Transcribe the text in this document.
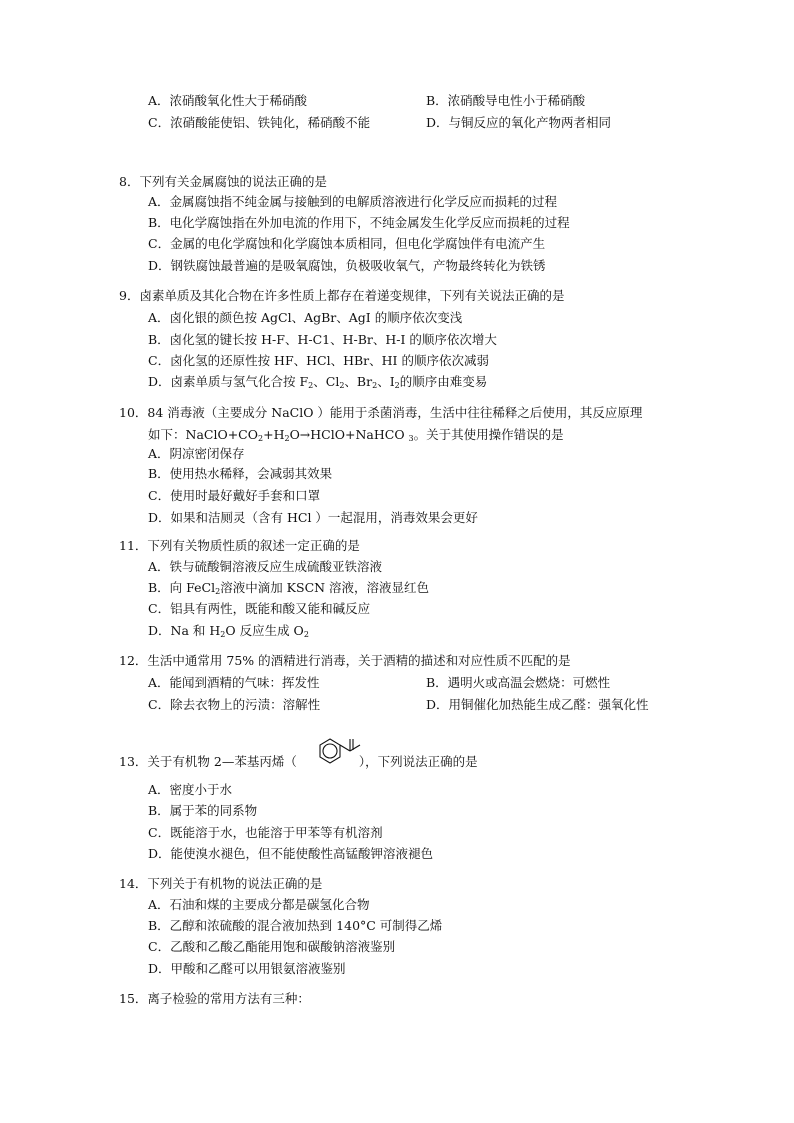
A．浓硝酸氧化性大于稀硝酸	B．浓硝酸导电性小于稀硝酸
C．浓硝酸能使铝、铁钝化，稀硝酸不能	D．与铜反应的氧化产物两者相同
8．下列有关金属腐蚀的说法正确的是
A．金属腐蚀指不纯金属与接触到的电解质溶液进行化学反应而损耗的过程
B．电化学腐蚀指在外加电流的作用下，不纯金属发生化学反应而损耗的过程
C．金属的电化学腐蚀和化学腐蚀本质相同，但电化学腐蚀伴有电流产生
D．钢铁腐蚀最普遍的是吸氧腐蚀，负极吸收氧气，产物最终转化为铁锈
9．卤素单质及其化合物在许多性质上都存在着递变规律，下列有关说法正确的是
A．卤化银的颜色按 AgCl、AgBr、AgI 的顺序依次变浅
B．卤化氢的键长按 H-F、H-C1、H-Br、H-I 的顺序依次增大
C．卤化氢的还原性按 HF、HCl、HBr、HI 的顺序依次减弱
D．卤素单质与氢气化合按 $F_2$、$Cl_2$、$Br_2$、$I_2$的顺序由难变易
10．84 消毒液（主要成分 NaClO ）能用于杀菌消毒，生活中往往稀释之后使用，其反应原理
如下：$NaClO+CO_2+H_2O\to HClO+NaHCO$ $_3$。关于其使用操作错误的是
A．阴凉密闭保存
B．使用热水稀释，会减弱其效果
C．使用时最好戴好手套和口罩
D．如果和洁厕灵（含有 HCl ）一起混用，消毒效果会更好
11．下列有关物质性质的叙述一定正确的是
A．铁与硫酸铜溶液反应生成硫酸亚铁溶液
B．向 FeCl$_2$溶液中滴加 KSCN 溶液，溶液显红色
C．铝具有两性，既能和酸又能和碱反应
D．Na 和 $H_2O$ 反应生成 $O_2$
12．生活中通常用 75% 的酒精进行消毒，关于酒精的描述和对应性质不匹配的是
A．能闻到酒精的气味：挥发性	B．遇明火或高温会燃烧：可燃性
C．除去衣物上的污渍：溶解性	D．用铜催化加热能生成乙醛：强氧化性
13．关于有机物 2—苯基丙烯（	），下列说法正确的是
A．密度小于水
B．属于苯的同系物
C．既能溶于水，也能溶于甲苯等有机溶剂
D．能使溴水褪色，但不能使酸性高锰酸钾溶液褪色
14．下列关于有机物的说法正确的是
A．石油和煤的主要成分都是碳氢化合物
B．乙醇和浓硫酸的混合液加热到 140°C 可制得乙烯
C．乙酸和乙酸乙酯能用饱和碳酸钠溶液鉴别
D．甲酸和乙醛可以用银氨溶液鉴别
15．离子检验的常用方法有三种：
